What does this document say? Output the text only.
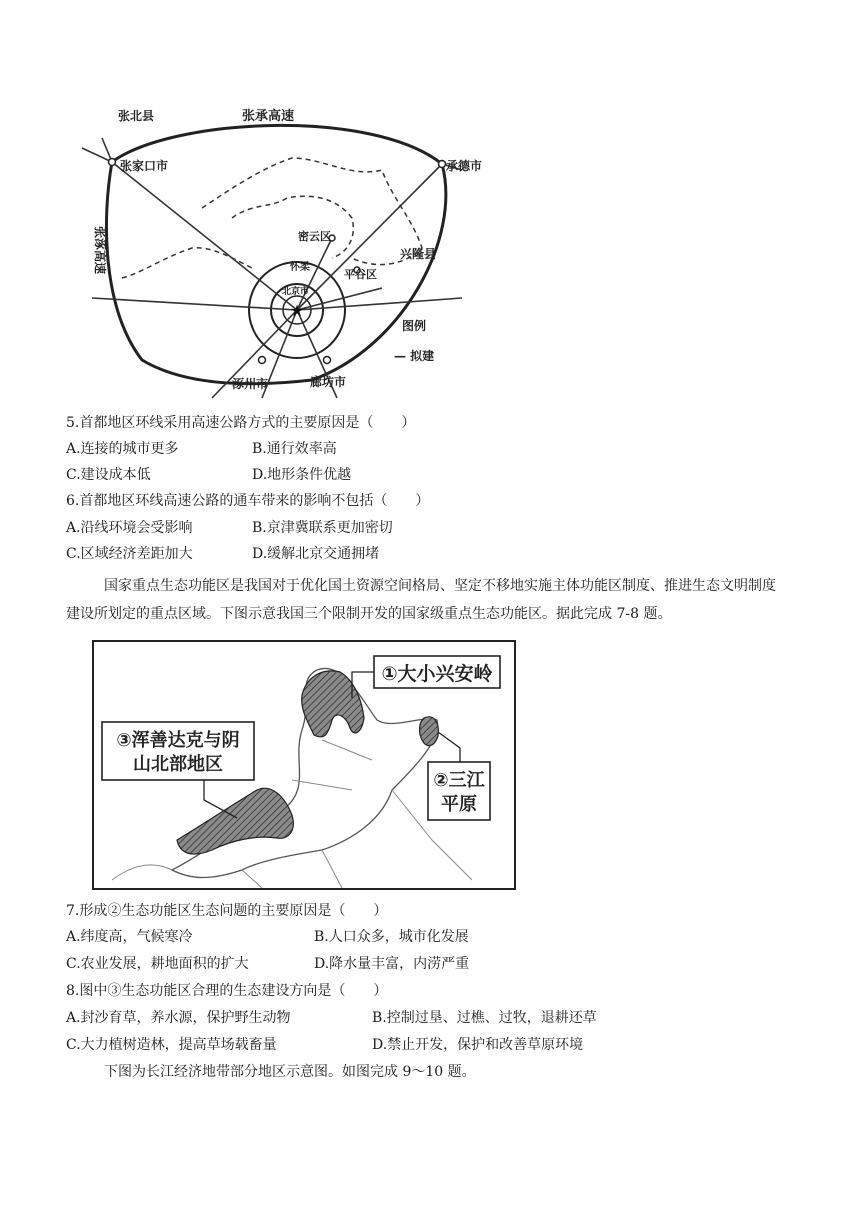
★
张北县	张承高速
张家口市	承德市
密云区
兴隆县
怀柔
平谷区
北京市
涿州市	廊坊市
张涿高速
图例
— 拟建
5.首都地区环线采用高速公路方式的主要原因是（　　）
A.连接的城市更多	B.通行效率高
C.建设成本低	D.地形条件优越
6.首都地区环线高速公路的通车带来的影响不包括（　　）
A.沿线环境会受影响	B.京津冀联系更加密切
C.区域经济差距加大	D.缓解北京交通拥堵
国家重点生态功能区是我国对于优化国土资源空间格局、坚定不移地实施主体功能区制度、推进生态文明制度建设所划定的重点区域。下图示意我国三个限制开发的国家级重点生态功能区。据此完成 7-8 题。
①大小兴安岭
②三江
平原
③浑善达克与阴
山北部地区
7.形成②生态功能区生态问题的主要原因是（　　）
A.纬度高，气候寒冷	B.人口众多，城市化发展
C.农业发展，耕地面积的扩大	D.降水量丰富，内涝严重
8.图中③生态功能区合理的生态建设方向是（　　）
A.封沙育草，养水源，保护野生动物	B.控制过垦、过樵、过牧，退耕还草
C.大力植树造林，提高草场载畜量	D.禁止开发，保护和改善草原环境
下图为长江经济地带部分地区示意图。如图完成 9～10 题。
